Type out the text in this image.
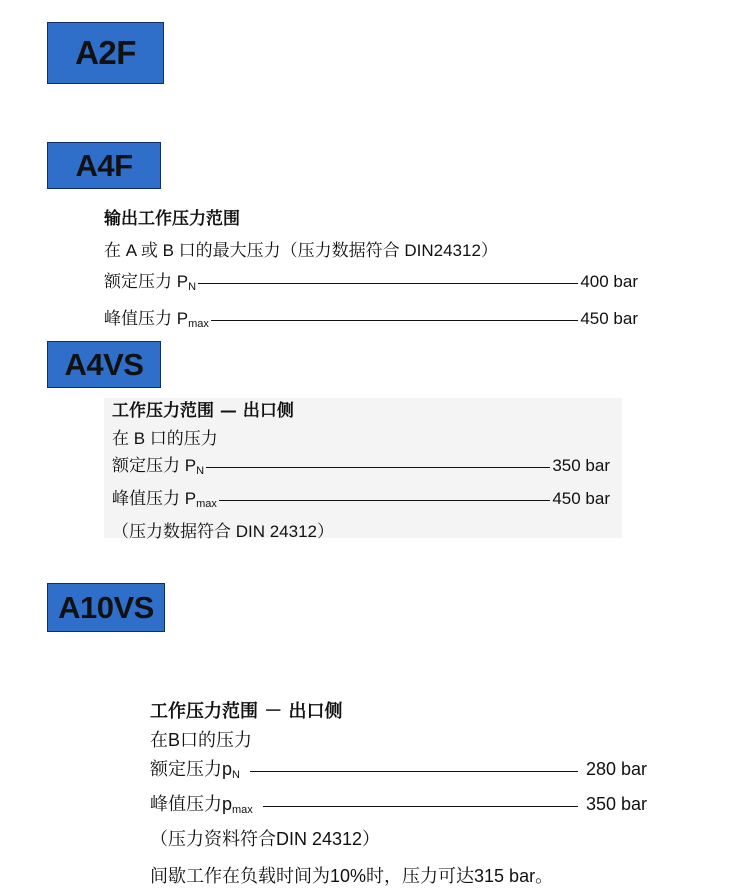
A2F
A4F
输出工作压力范围
在 A 或 B 口的最大压力（压力数据符合 DIN24312）
额定压力 $P_N$	400 bar
峰值压力 $P_{max}$	450 bar
A4VS
工作压力范围 — 出口侧
在 B 口的压力
额定压力 $P_N$	350 bar
峰值压力 $P_{max}$	450 bar
（压力数据符合 DIN 24312）
A10VS
工作压力范围 － 出口侧
在B口的压力
额定压力$p_N$	280 bar
峰值压力$p_{max}$	350 bar
（压力资料符合DIN 24312）
间歇工作在负载时间为10%时，压力可达315 bar。
